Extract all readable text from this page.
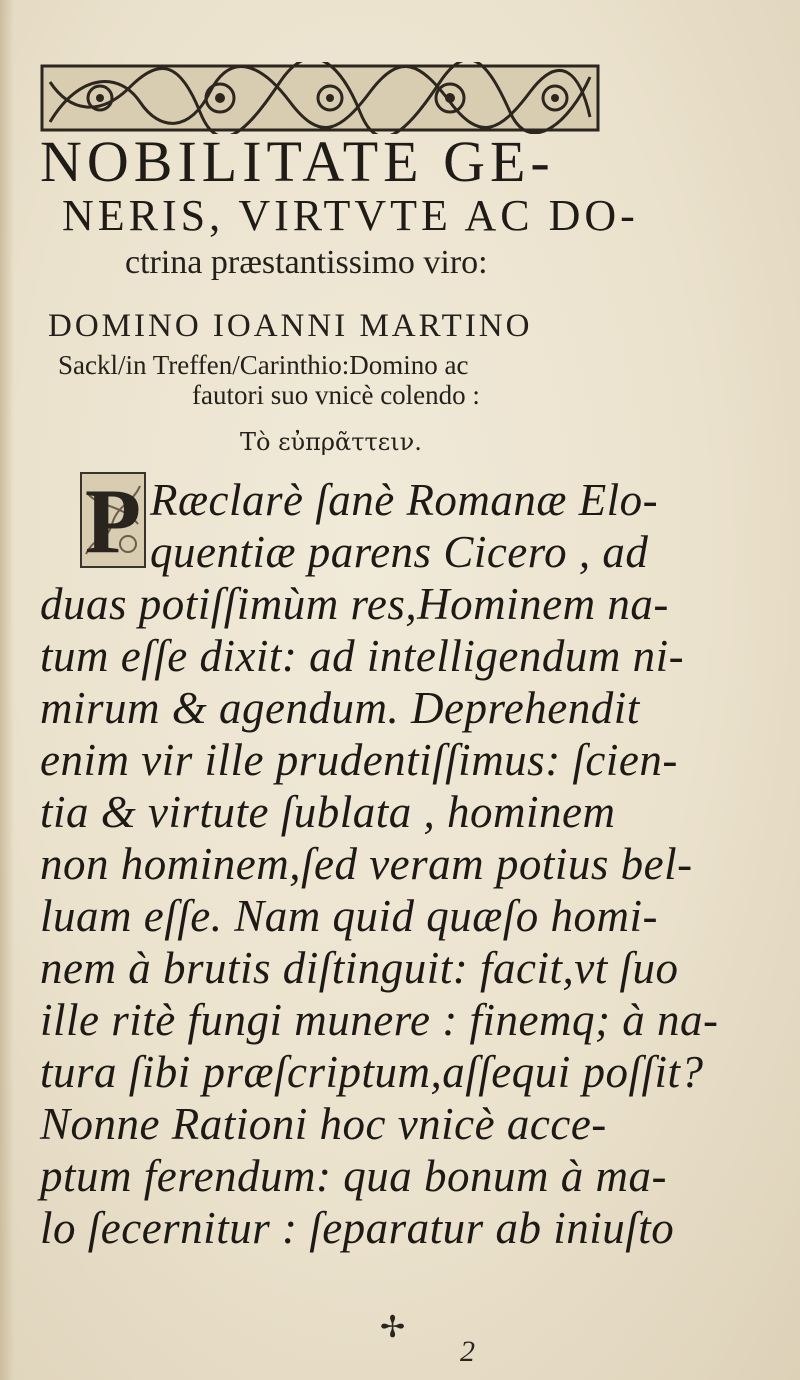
NOBILITATE GE-
NERIS, VIRTVTE AC DO-
ctrina præstantissimo viro:
DOMINO IOANNI MARTINO
Sackl/in Treffen/Carinthio:Domino ac
fautori suo vnicè colendo :
Τὸ εὐπρᾶττειν.
P Ræclarè ſanè Romanæ Elo-
quentiæ parens Cicero , ad
duas potiſſimùm res,Hominem na-
tum eſſe dixit: ad intelligendum ni-
mirum & agendum. Deprehendit
enim vir ille prudentiſſimus: ſcien-
tia & virtute ſublata , hominem
non hominem,ſed veram potius bel-
luam eſſe. Nam quid quæſo homi-
nem à brutis diſtinguit: facit,vt ſuo
ille ritè fungi munere : finemq; à na-
tura ſibi præſcriptum,aſſequi poſſit?
Nonne Rationi hoc vnicè acce-
ptum ferendum: qua bonum à ma-
lo ſecernitur : ſeparatur ab iniuſto
✢
2
